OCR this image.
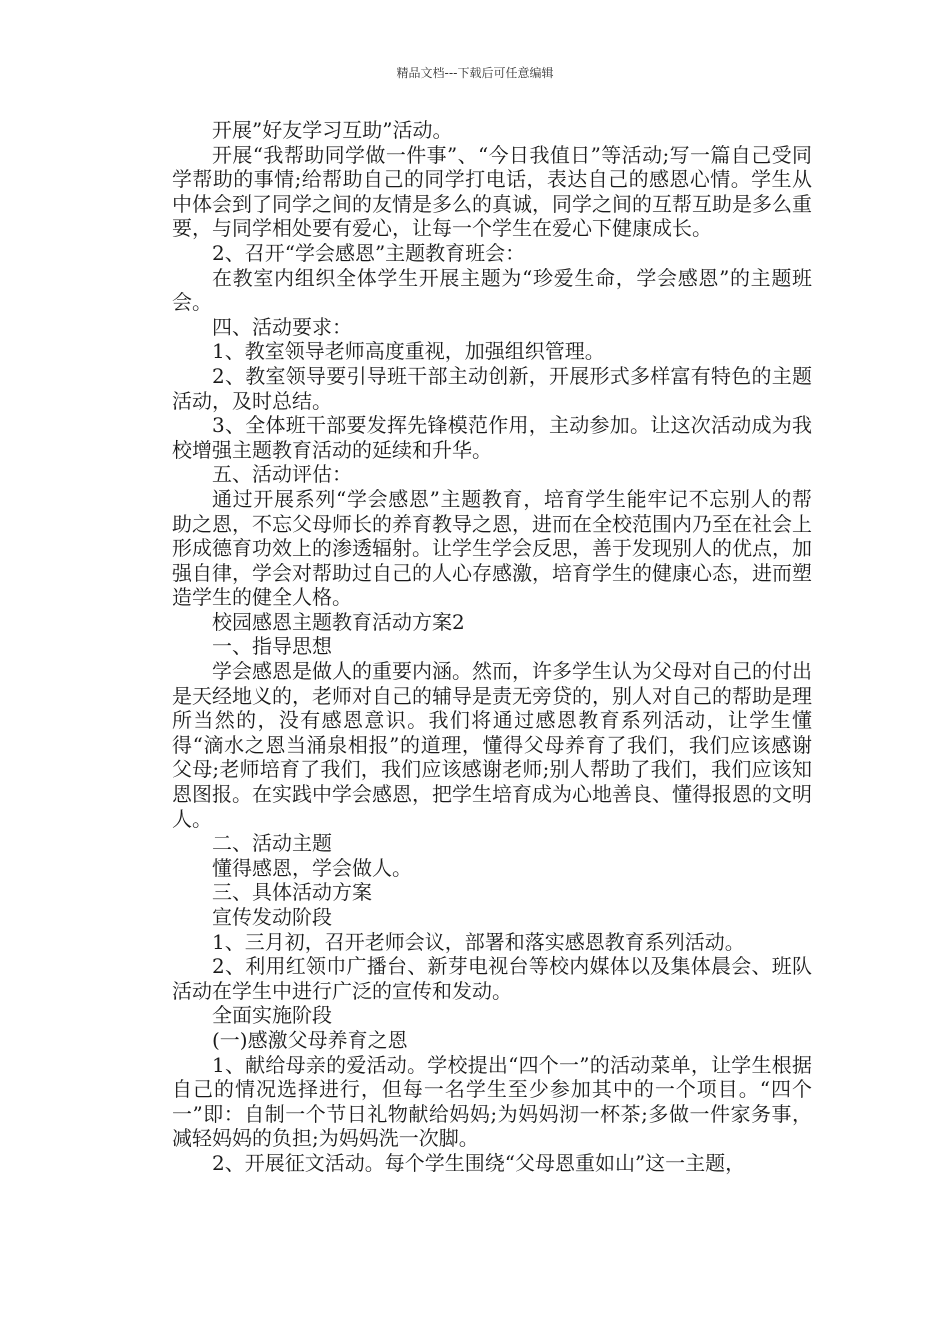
精品文档---下载后可任意编辑

开展”好友学习互助”活动。

开展“我帮助同学做一件事”、“今日我值日”等活动;写一篇自己受同学帮助的事情;给帮助自己的同学打电话，表达自己的感恩心情。学生从中体会到了同学之间的友情是多么的真诚，同学之间的互帮互助是多么重要，与同学相处要有爱心，让每一个学生在爱心下健康成长。

2、召开“学会感恩”主题教育班会：

在教室内组织全体学生开展主题为“珍爱生命，学会感恩”的主题班会。

四、活动要求：

1、教室领导老师高度重视，加强组织管理。

2、教室领导要引导班干部主动创新，开展形式多样富有特色的主题活动，及时总结。

3、全体班干部要发挥先锋模范作用，主动参加。让这次活动成为我校增强主题教育活动的延续和升华。

五、活动评估：

通过开展系列“学会感恩”主题教育，培育学生能牢记不忘别人的帮助之恩，不忘父母师长的养育教导之恩，进而在全校范围内乃至在社会上形成德育功效上的渗透辐射。让学生学会反思，善于发现别人的优点，加强自律，学会对帮助过自己的人心存感激，培育学生的健康心态，进而塑造学生的健全人格。

校园感恩主题教育活动方案2

一、指导思想

学会感恩是做人的重要内涵。然而，许多学生认为父母对自己的付出是天经地义的，老师对自己的辅导是责无旁贷的，别人对自己的帮助是理所当然的，没有感恩意识。我们将通过感恩教育系列活动，让学生懂得“滴水之恩当涌泉相报”的道理，懂得父母养育了我们，我们应该感谢父母;老师培育了我们，我们应该感谢老师;别人帮助了我们，我们应该知恩图报。在实践中学会感恩，把学生培育成为心地善良、懂得报恩的文明人。

二、活动主题

懂得感恩，学会做人。

三、具体活动方案

宣传发动阶段

1、三月初，召开老师会议，部署和落实感恩教育系列活动。

2、利用红领巾广播台、新芽电视台等校内媒体以及集体晨会、班队活动在学生中进行广泛的宣传和发动。

全面实施阶段

(一)感激父母养育之恩

1、献给母亲的爱活动。学校提出“四个一”的活动菜单，让学生根据自己的情况选择进行，但每一名学生至少参加其中的一个项目。“四个一”即：自制一个节日礼物献给妈妈;为妈妈沏一杯茶;多做一件家务事，减轻妈妈的负担;为妈妈洗一次脚。

2、开展征文活动。每个学生围绕“父母恩重如山”这一主题，
